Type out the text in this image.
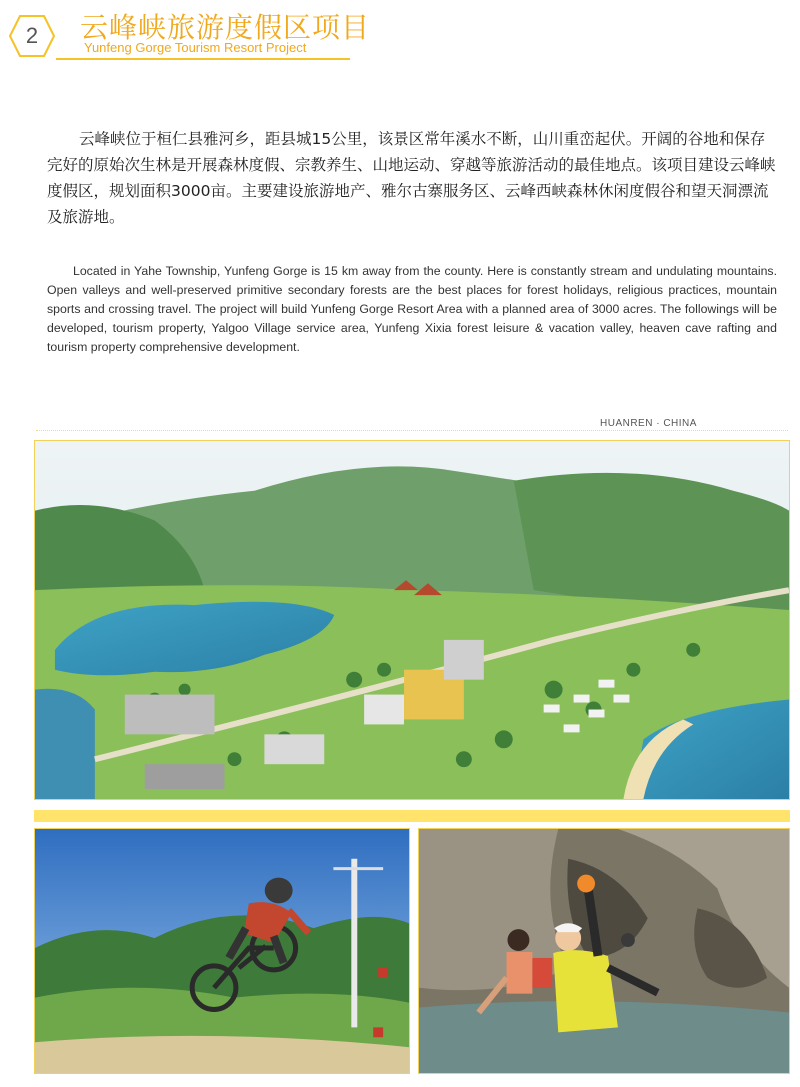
2	云峰峡旅游度假区项目
Yunfeng Gorge Tourism Resort Project
云峰峡位于桓仁县雅河乡，距县城15公里，该景区常年溪水不断，山川重峦起伏。开阔的谷地和保存完好的原始次生林是开展森林度假、宗教养生、山地运动、穿越等旅游活动的最佳地点。该项目建设云峰峡度假区，规划面积3000亩。主要建设旅游地产、雅尔古寨服务区、云峰西峡森林休闲度假谷和望天洞漂流及旅游地。
Located in Yahe Township, Yunfeng Gorge is 15 km away from the county. Here is constantly stream and undulating mountains. Open valleys and well-preserved primitive secondary forests are the best places for forest holidays, religious practices, mountain sports and crossing travel. The project will build Yunfeng Gorge Resort Area with a planned area of 3000 acres. The followings will be developed, tourism property, Yalgoo Village service area, Yunfeng Xixia forest leisure & vacation valley, heaven cave rafting and tourism property comprehensive development.
HUANREN · CHINA
